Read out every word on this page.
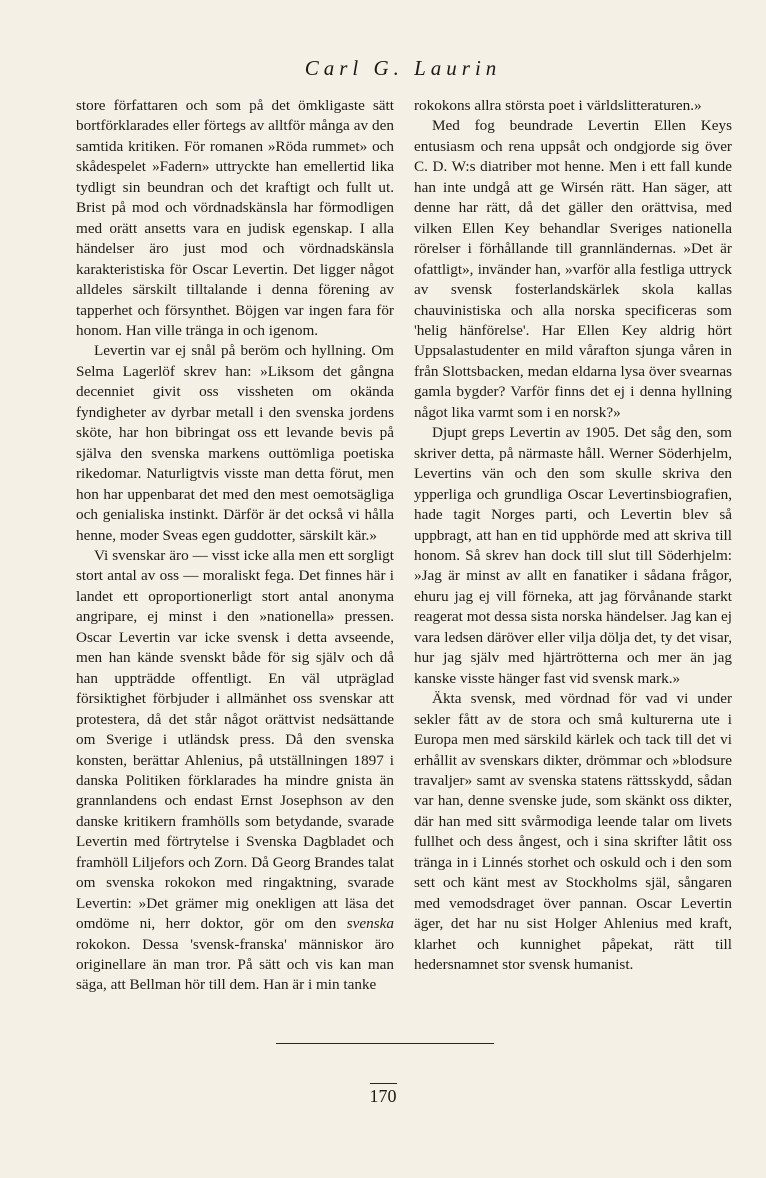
Carl G. Laurin

store författaren och som på det ömkligaste sätt bortförklarades eller förtegs av alltför många av den samtida kritiken. För romanen »Röda rummet» och skådespelet »Fadern» uttryckte han emellertid lika tydligt sin beundran och det kraftigt och fullt ut. Brist på mod och vördnadskänsla har förmodligen med orätt ansetts vara en judisk egenskap. I alla händelser äro just mod och vördnadskänsla karakteristiska för Oscar Levertin. Det ligger något alldeles särskilt tilltalande i denna förening av tapperhet och försynthet. Böjgen var ingen fara för honom. Han ville tränga in och igenom.

Levertin var ej snål på beröm och hyllning. Om Selma Lagerlöf skrev han: »Liksom det gångna decenniet givit oss vissheten om okända fyndigheter av dyrbar metall i den svenska jordens sköte, har hon bibringat oss ett levande bevis på själva den svenska markens outtömliga poetiska rikedomar. Naturligtvis visste man detta förut, men hon har uppenbarat det med den mest oemotsägliga och genialiska instinkt. Därför är det också vi hålla henne, moder Sveas egen guddotter, särskilt kär.»

Vi svenskar äro — visst icke alla men ett sorgligt stort antal av oss — moraliskt fega. Det finnes här i landet ett oproportionerligt stort antal anonyma angripare, ej minst i den »nationella» pressen. Oscar Levertin var icke svensk i detta avseende, men han kände svenskt både för sig själv och då han uppträdde offentligt. En väl utpräglad försiktighet förbjuder i allmänhet oss svenskar att protestera, då det står något orättvist nedsättande om Sverige i utländsk press. Då den svenska konsten, berättar Ahlenius, på utställningen 1897 i danska Politiken förklarades ha mindre gnista än grannlandens och endast Ernst Josephson av den danske kritikern framhölls som betydande, svarade Levertin med förtrytelse i Svenska Dagbladet och framhöll Liljefors och Zorn. Då Georg Brandes talat om svenska rokokon med ringaktning, svarade Levertin: »Det grämer mig onekligen att läsa det omdöme ni, herr doktor, gör om den svenska rokokon. Dessa 'svensk-franska' människor äro originellare än man tror. På sätt och vis kan man säga, att Bellman hör till dem. Han är i min tanke

rokokons allra största poet i världslitteraturen.»

Med fog beundrade Levertin Ellen Keys entusiasm och rena uppsåt och ondgjorde sig över C. D. W:s diatriber mot henne. Men i ett fall kunde han inte undgå att ge Wirsén rätt. Han säger, att denne har rätt, då det gäller den orättvisa, med vilken Ellen Key behandlar Sveriges nationella rörelser i förhållande till grannländernas. »Det är ofattligt», invänder han, »varför alla festliga uttryck av svensk fosterlandskärlek skola kallas chauvinistiska och alla norska specificeras som 'helig hänförelse'. Har Ellen Key aldrig hört Uppsalastudenter en mild vårafton sjunga våren in från Slottsbacken, medan eldarna lysa över svearnas gamla bygder? Varför finns det ej i denna hyllning något lika varmt som i en norsk?»

Djupt greps Levertin av 1905. Det såg den, som skriver detta, på närmaste håll. Werner Söderhjelm, Levertins vän och den som skulle skriva den ypperliga och grundliga Oscar Levertinsbiografien, hade tagit Norges parti, och Levertin blev så uppbragt, att han en tid upphörde med att skriva till honom. Så skrev han dock till slut till Söderhjelm: »Jag är minst av allt en fanatiker i sådana frågor, ehuru jag ej vill förneka, att jag förvånande starkt reagerat mot dessa sista norska händelser. Jag kan ej vara ledsen däröver eller vilja dölja det, ty det visar, hur jag själv med hjärtrötterna och mer än jag kanske visste hänger fast vid svensk mark.»

Äkta svensk, med vördnad för vad vi under sekler fått av de stora och små kulturerna ute i Europa men med särskild kärlek och tack till det vi erhållit av svenskars dikter, drömmar och »blodsure travaljer» samt av svenska statens rättsskydd, sådan var han, denne svenske jude, som skänkt oss dikter, där han med sitt svårmodiga leende talar om livets fullhet och dess ångest, och i sina skrifter låtit oss tränga in i Linnés storhet och oskuld och i den som sett och känt mest av Stockholms själ, sångaren med vemodsdraget över pannan. Oscar Levertin äger, det har nu sist Holger Ahlenius med kraft, klarhet och kunnighet påpekat, rätt till hedersnamnet stor svensk humanist.

170
